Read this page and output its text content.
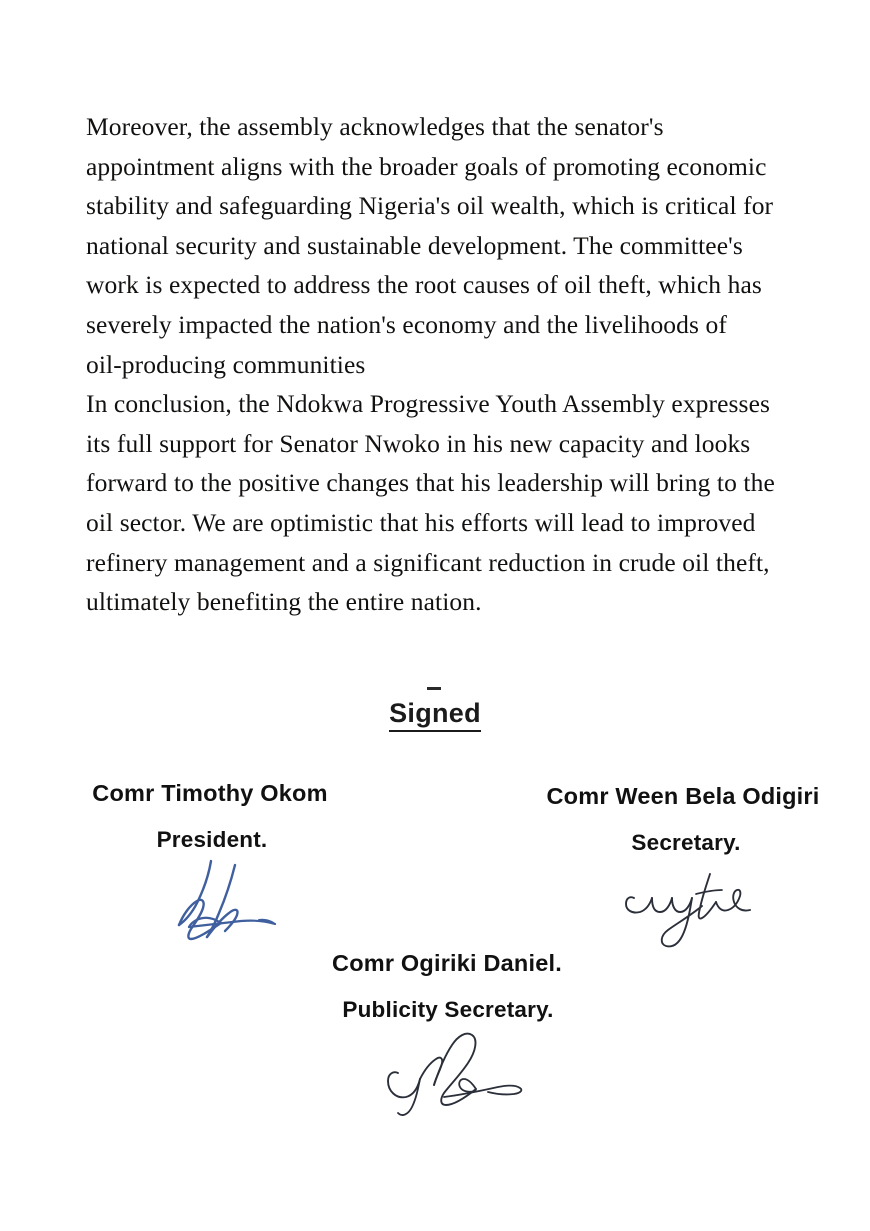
Moreover, the assembly acknowledges that the senator's
appointment aligns with the broader goals of promoting economic
stability and safeguarding Nigeria's oil wealth, which is critical for
national security and sustainable development. The committee's
work is expected to address the root causes of oil theft, which has
severely impacted the nation's economy and the livelihoods of
oil-producing communities
In conclusion, the Ndokwa Progressive Youth Assembly expresses
its full support for Senator Nwoko in his new capacity and looks
forward to the positive changes that his leadership will bring to the
oil sector. We are optimistic that his efforts will lead to improved
refinery management and a significant reduction in crude oil theft,
ultimately benefiting the entire nation.
Signed
Comr Timothy Okom
President.
Comr Ween Bela Odigiri
Secretary.
Comr Ogiriki Daniel.
Publicity Secretary.
